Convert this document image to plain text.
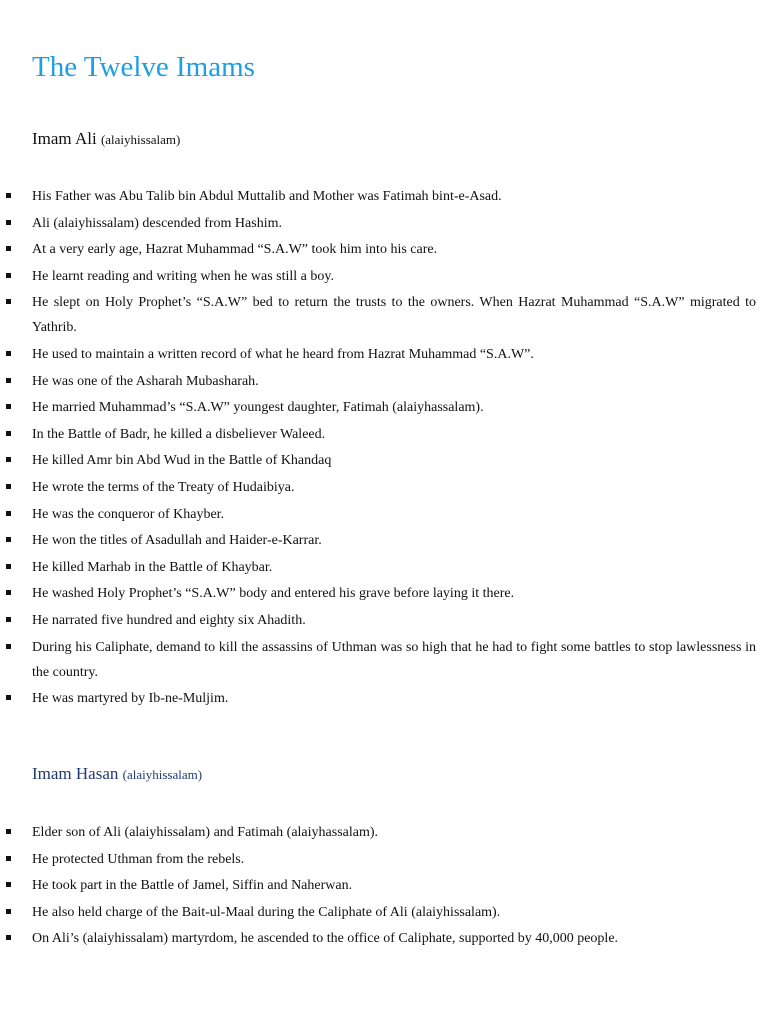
The Twelve Imams
Imam Ali (alaiyhissalam)
His Father was Abu Talib bin Abdul Muttalib and Mother was Fatimah bint-e-Asad.
Ali (alaiyhissalam) descended from Hashim.
At a very early age, Hazrat Muhammad “S.A.W” took him into his care.
He learnt reading and writing when he was still a boy.
He slept on Holy Prophet’s “S.A.W” bed to return the trusts to the owners. When Hazrat Muhammad “S.A.W” migrated to Yathrib.
He used to maintain a written record of what he heard from Hazrat Muhammad “S.A.W”.
He was one of the Asharah Mubasharah.
He married Muhammad’s “S.A.W” youngest daughter, Fatimah (alaiyhassalam).
In the Battle of Badr, he killed a disbeliever Waleed.
He killed Amr bin Abd Wud in the Battle of Khandaq
He wrote the terms of the Treaty of Hudaibiya.
He was the conqueror of Khayber.
He won the titles of Asadullah and Haider-e-Karrar.
He killed Marhab in the Battle of Khaybar.
He washed Holy Prophet’s “S.A.W” body and entered his grave before laying it there.
He narrated five hundred and eighty six Ahadith.
During his Caliphate, demand to kill the assassins of Uthman was so high that he had to fight some battles to stop lawlessness in the country.
He was martyred by Ib-ne-Muljim.
Imam Hasan (alaiyhissalam)
Elder son of Ali (alaiyhissalam) and Fatimah (alaiyhassalam).
He protected Uthman from the rebels.
He took part in the Battle of Jamel, Siffin and Naherwan.
He also held charge of the Bait-ul-Maal during the Caliphate of Ali (alaiyhissalam).
On Ali’s (alaiyhissalam) martyrdom, he ascended to the office of Caliphate, supported by 40,000 people.
